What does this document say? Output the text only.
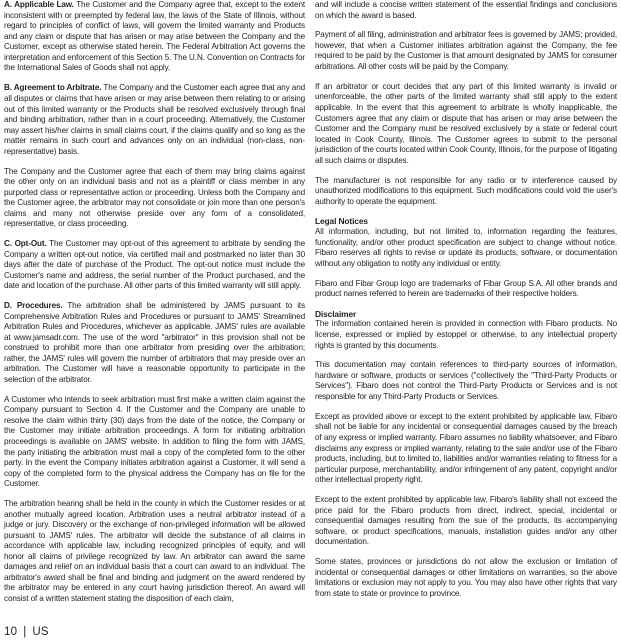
A. Applicable Law. The Customer and the Company agree that, except to the extent inconsistent with or preempted by federal law, the laws of the State of Illinois, without regard to principles of conflict of laws, will govern the limited warranty and Products and any claim or dispute that has arisen or may arise between the Company and the Customer, except as otherwise stated herein. The Federal Arbitration Act governs the interpretation and enforcement of this Section 5. The U.N. Convention on Contracts for the International Sales of Goods shall not apply.

B. Agreement to Arbitrate. The Company and the Customer each agree that any and all disputes or claims that have arisen or may arise between them relating to or arising out of this limited warranty or the Products shall be resolved exclusively through final and binding arbitration, rather than in a court proceeding. Alternatively, the Customer may assert his/her claims in small claims court, if the claims qualify and so long as the matter remains in such court and advances only on an individual (non-class, non-representative) basis.

The Company and the Customer agree that each of them may bring claims against the other only on an individual basis and not as a plaintiff or class member in any purported class or representative action or proceeding. Unless both the Company and the Customer agree, the arbitrator may not consolidate or join more than one person's claims and many not otherwise preside over any form of a consolidated, representative, or class proceeding.

C. Opt-Out. The Customer may opt-out of this agreement to arbitrate by sending the Company a written opt-out notice, via certified mail and postmarked no later than 30 days after the date of purchase of the Product. The opt-out notice must include the Customer's name and address, the serial number of the Product purchased, and the date and location of the purchase. All other parts of this limited warranty will still apply.

D. Procedures. The arbitration shall be administered by JAMS pursuant to its Comprehensive Arbitration Rules and Procedures or pursuant to JAMS' Streamlined Arbitration Rules and Procedures, whichever as applicable. JAMS' rules are available at www.jamsadr.com. The use of the word "arbitrator" in this provision shall not be construed to prohibit more than one arbitrator from presiding over the arbitration; rather, the JAMS' rules will govern the number of arbitrators that may preside over an arbitration. The Customer will have a reasonable opportunity to participate in the selection of the arbitrator.

A Customer who intends to seek arbitration must first make a written claim against the Company pursuant to Section 4. If the Customer and the Company are unable to resolve the claim within thirty (30) days from the date of the notice, the Company or the Customer may initiate arbitration proceedings. A form for initiating arbitration proceedings is available on JAMS' website. In addition to filing the form with JAMS, the party initiating the arbitration must mail a copy of the completed form to the other party. In the event the Company initiates arbitration against a Customer, it will send a copy of the completed form to the physical address the Company has on file for the Customer.

The arbitration hearing shall be held in the county in which the Customer resides or at another mutually agreed location. Arbitration uses a neutral arbitrator instead of a judge or jury. Discovery or the exchange of non-privileged information will be allowed pursuant to JAMS' rules. The arbitrator will decide the substance of all claims in accordance with applicable law, including recognized principles of equity, and will honor all claims of privilege recognized by law. An arbitrator can award the same damages and relief on an individual basis that a court can award to an individual. The arbitrator's award shall be final and binding and judgment on the award rendered by the arbitrator may be entered in any court having jurisdiction thereof. An award will consist of a written statement stating the disposition of each claim,

and will include a concise written statement of the essential findings and conclusions on which the award is based.

Payment of all filing, administration and arbitrator fees is governed by JAMS; provided, however, that when a Customer initiates arbitration against the Company, the fee required to be paid by the Customer is that amount designated by JAMS for consumer arbitrations. All other costs will be paid by the Company.

If an arbitrator or court decides that any part of this limited warranty is invalid or unenforceable, the other parts of the limited warranty shall still apply to the extent applicable. In the event that this agreement to arbitrate is wholly inapplicable, the Customers agree that any claim or dispute that has arisen or may arise between the Customer and the Company must be resolved exclusively by a state or federal court located in Cook County, Illinois. The Customer agrees to submit to the personal jurisdiction of the courts located within Cook County, Illinois, for the purpose of litigating all such claims or disputes.

The manufacturer is not responsible for any radio or tv interference caused by unauthorized modifications to this equipment. Such modifications could void the user's authority to operate the equipment.

Legal Notices

All information, including, but not limited to, information regarding the features, functionality, and/or other product specification are subject to change without notice. Fibaro reserves all rights to revise or update its products, software, or documentation without any obligation to notify any individual or entity.

Fibaro and Fibar Group logo are trademarks of Fibar Group S.A. All other brands and product names referred to herein are trademarks of their respective holders.

Disclaimer

The information contained herein is provided in connection with Fibaro products. No license, expressed or implied by estoppel or otherwise, to any intellectual property rights is granted by this documents.

This documentation may contain references to third-party sources of information, hardware or software, products or services ("collectively the "Third-Party Products or Services"). Fibaro does not control the Third-Party Products or Services and is not responsible for any Third-Party Products or Services.

Except as provided above or except to the extent prohibited by applicable law, Fibaro shall not be liable for any incidental or consequential damages caused by the breach of any express or implied warranty. Fibaro assumes no liability whatsoever, and Fibaro disclaims any express or implied warranty, relating to the sale and/or use of the Fibaro products, including, but to limited to, liabilities and/or warranties relating to fitness for a particular purpose, merchantability, and/or infringement of any patent, copyright and/or other intellectual property right.

Except to the extent prohibited by applicable law, Fibaro's liability shall not exceed the price paid for the Fibaro products from direct, indirect, special, incidental or consequential damages resulting from the sue of the products, its accompanying software, or product specifications, manuals, installation guides and/or any other documentation.

Some states, provinces or jurisdictions do not allow the exclusion or limitation of incidental or consequential damages or other limitations on warranties, so the above limitations or exclusion may not apply to you. You may also have other rights that vary from state to state or province to province.

10 | US
